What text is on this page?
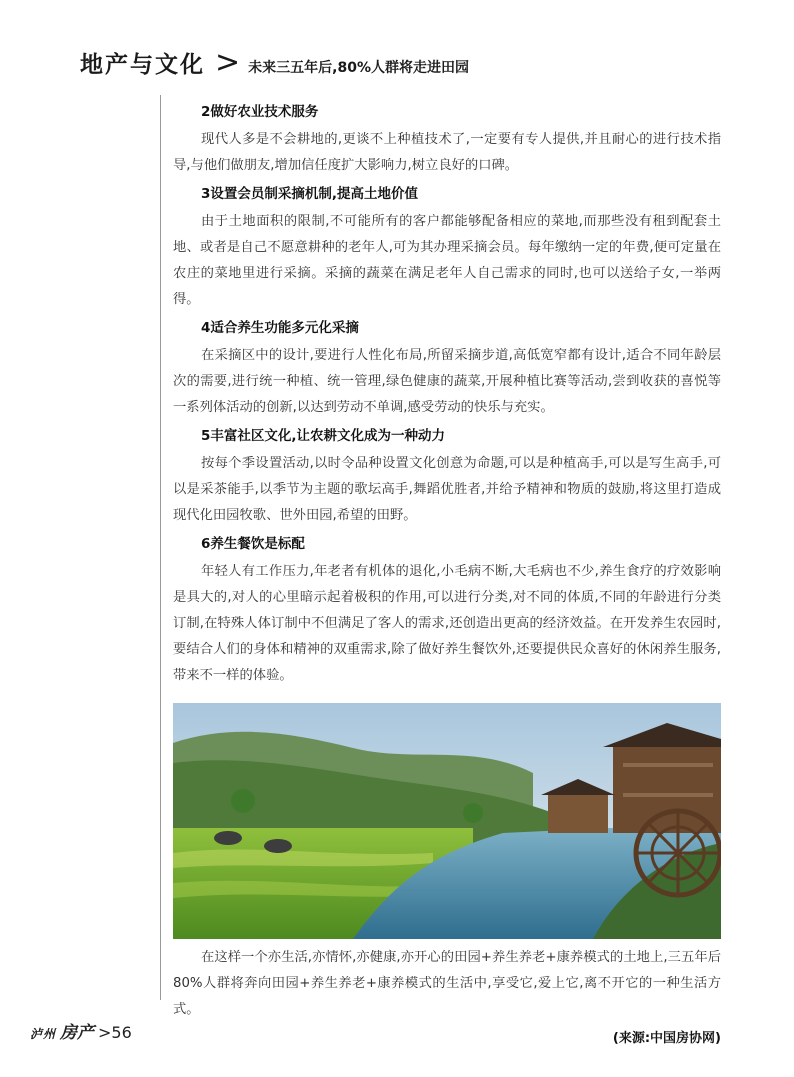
地产与文化 > 未来三五年后,80%人群将走进田园
2做好农业技术服务

现代人多是不会耕地的,更谈不上种植技术了,一定要有专人提供,并且耐心的进行技术指导,与他们做朋友,增加信任度扩大影响力,树立良好的口碑。

3设置会员制采摘机制,提高土地价值

由于土地面积的限制,不可能所有的客户都能够配备相应的菜地,而那些没有租到配套土地、或者是自己不愿意耕种的老年人,可为其办理采摘会员。每年缴纳一定的年费,便可定量在农庄的菜地里进行采摘。采摘的蔬菜在满足老年人自己需求的同时,也可以送给子女,一举两得。

4适合养生功能多元化采摘

在采摘区中的设计,要进行人性化布局,所留采摘步道,高低宽窄都有设计,适合不同年龄层次的需要,进行统一种植、统一管理,绿色健康的蔬菜,开展种植比赛等活动,尝到收获的喜悦等一系列体活动的创新,以达到劳动不单调,感受劳动的快乐与充实。

5丰富社区文化,让农耕文化成为一种动力

按每个季设置活动,以时令品种设置文化创意为命题,可以是种植高手,可以是写生高手,可以是采茶能手,以季节为主题的歌坛高手,舞蹈优胜者,并给予精神和物质的鼓励,将这里打造成现代化田园牧歌、世外田园,希望的田野。

6养生餐饮是标配

年轻人有工作压力,年老者有机体的退化,小毛病不断,大毛病也不少,养生食疗的疗效影响是具大的,对人的心里暗示起着极积的作用,可以进行分类,对不同的体质,不同的年龄进行分类订制,在特殊人体订制中不但满足了客人的需求,还创造出更高的经济效益。在开发养生农园时,要结合人们的身体和精神的双重需求,除了做好养生餐饮外,还要提供民众喜好的休闲养生服务,带来不一样的体验。

在这样一个亦生活,亦情怀,亦健康,亦开心的田园+养生养老+康养模式的土地上,三五年后80%人群将奔向田园+养生养老+康养模式的生活中,享受它,爱上它,离不开它的一种生活方式。

(来源:中国房协网)
泸州 房产 >56
